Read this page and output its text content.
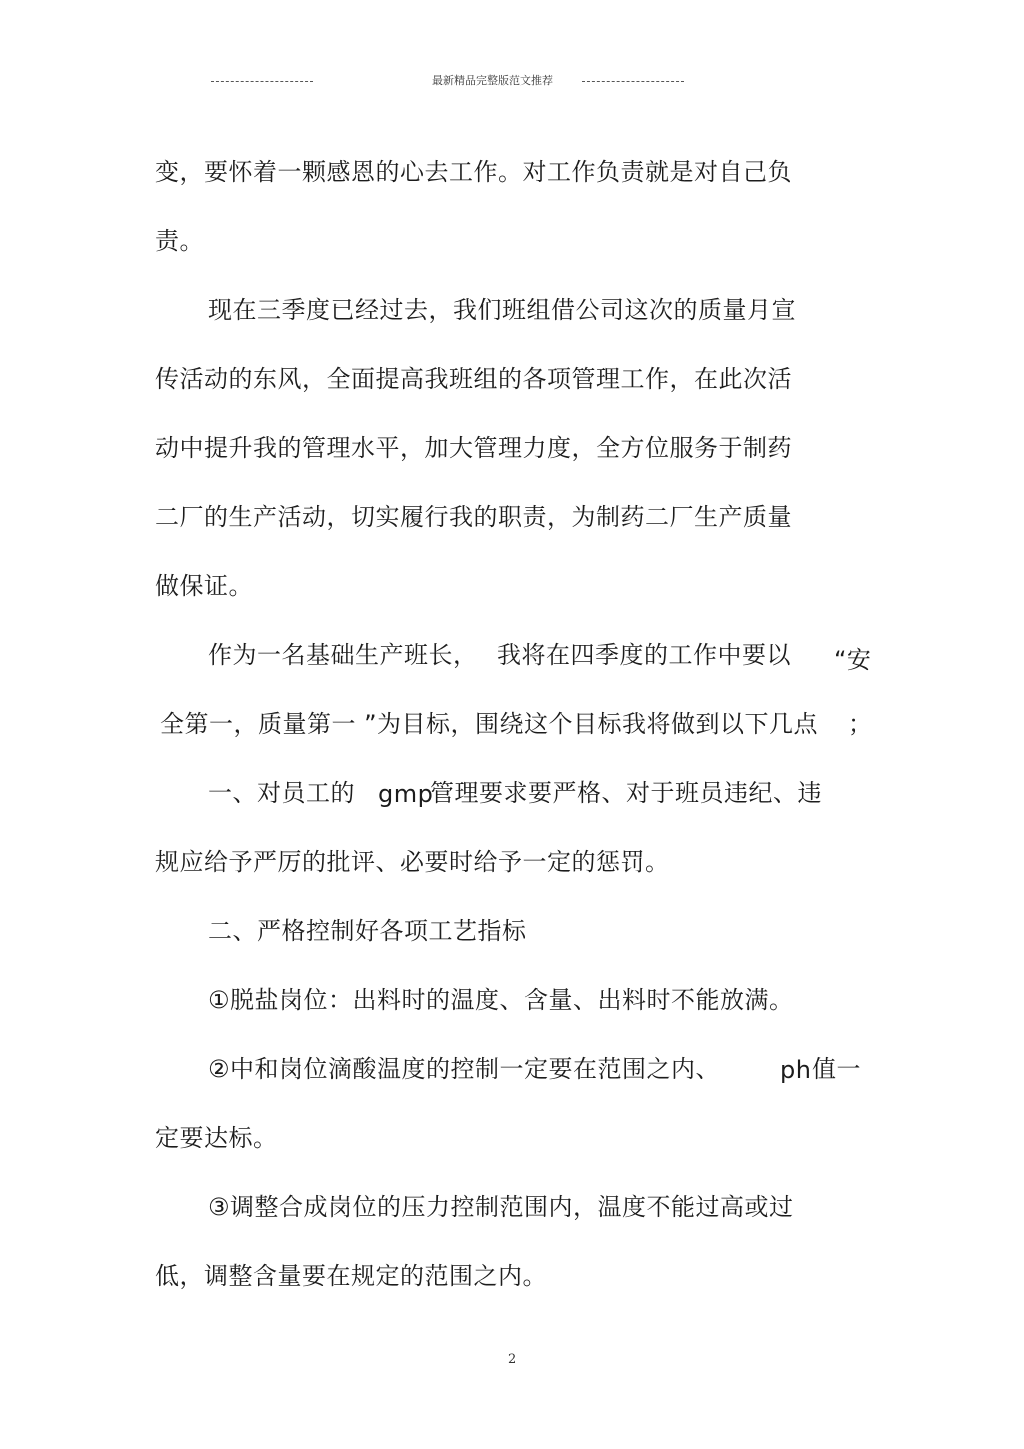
最新精品完整版范文推荐
变，要怀着一颗感恩的心去工作。对工作负责就是对自己负
责。
现在三季度已经过去，我们班组借公司这次的质量月宣
传活动的东风，全面提高我班组的各项管理工作，在此次活
动中提升我的管理水平，加大管理力度，全方位服务于制药
二厂的生产活动，切实履行我的职责，为制药二厂生产质量
做保证。
作为一名基础生产班长， 我将在四季度的工作中要以 “安
全第一，质量第一 ”为目标，围绕这个目标我将做到以下几点 ；
一、对员工的 gmp
管理要求要严格、对于班员违纪、违
规应给予严厉的批评、必要时给予一定的惩罚。
二、严格控制好各项工艺指标
①脱盐岗位：出料时的温度、含量、出料时不能放满。
②中和岗位滴酸温度的控制一定要在范围之内、 ph 值一
定要达标。
③调整合成岗位的压力控制范围内，温度不能过高或过
低，调整含量要在规定的范围之内。
2
